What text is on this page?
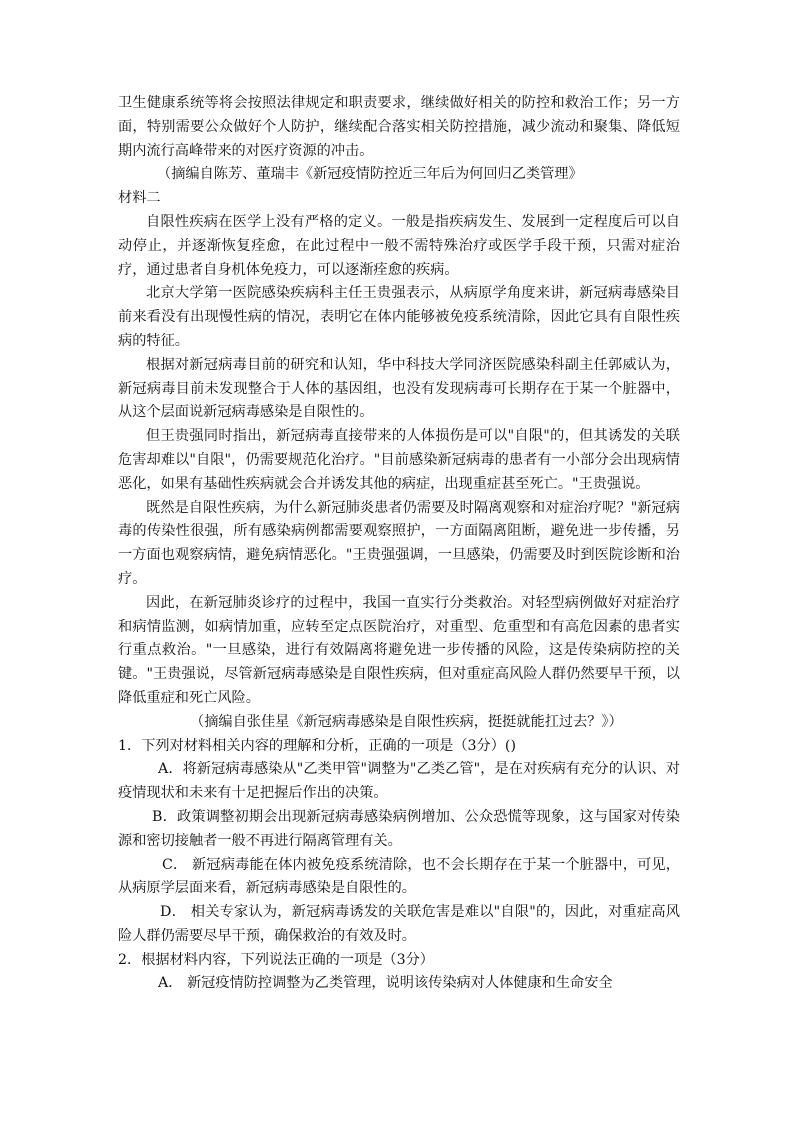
卫生健康系统等将会按照法律规定和职责要求，继续做好相关的防控和救治工作；另一方面，特别需要公众做好个人防护，继续配合落实相关防控措施，减少流动和聚集、降低短期内流行高峰带来的对医疗资源的冲击。

（摘编自陈芳、董瑞丰《新冠疫情防控近三年后为何回归乙类管理》

材料二

自限性疾病在医学上没有严格的定义。一般是指疾病发生、发展到一定程度后可以自动停止，并逐渐恢复痊愈，在此过程中一般不需特殊治疗或医学手段干预，只需对症治疗，通过患者自身机体免疫力，可以逐渐痊愈的疾病。

北京大学第一医院感染疾病科主任王贵强表示，从病原学角度来讲，新冠病毒感染目前来看没有出现慢性病的情况，表明它在体内能够被免疫系统清除，因此它具有自限性疾病的特征。

根据对新冠病毒目前的研究和认知，华中科技大学同济医院感染科副主任郭威认为，新冠病毒目前未发现整合于人体的基因组，也没有发现病毒可长期存在于某一个脏器中，从这个层面说新冠病毒感染是自限性的。

但王贵强同时指出，新冠病毒直接带来的人体损伤是可以"自限"的，但其诱发的关联危害却难以"自限"，仍需要规范化治疗。"目前感染新冠病毒的患者有一小部分会出现病情恶化，如果有基础性疾病就会合并诱发其他的病症，出现重症甚至死亡。"王贵强说。

既然是自限性疾病，为什么新冠肺炎患者仍需要及时隔离观察和对症治疗呢？"新冠病毒的传染性很强，所有感染病例都需要观察照护，一方面隔离阻断，避免进一步传播，另一方面也观察病情，避免病情恶化。"王贵强强调，一旦感染，仍需要及时到医院诊断和治疗。

因此，在新冠肺炎诊疗的过程中，我国一直实行分类救治。对轻型病例做好对症治疗和病情监测，如病情加重，应转至定点医院治疗，对重型、危重型和有高危因素的患者实行重点救治。"一旦感染，进行有效隔离将避免进一步传播的风险，这是传染病防控的关键。"王贵强说，尽管新冠病毒感染是自限性疾病，但对重症高风险人群仍然要早干预，以降低重症和死亡风险。

（摘编自张佳星《新冠病毒感染是自限性疾病，挺挺就能扛过去？》）

1．下列对材料相关内容的理解和分析，正确的一项是（3分）()

A．将新冠病毒感染从"乙类甲管"调整为"乙类乙管"，是在对疾病有充分的认识、对疫情现状和未来有十足把握后作出的决策。

B．政策调整初期会出现新冠病毒感染病例增加、公众恐慌等现象，这与国家对传染源和密切接触者一般不再进行隔离管理有关。

C． 新冠病毒能在体内被免疫系统清除，也不会长期存在于某一个脏器中，可见，从病原学层面来看，新冠病毒感染是自限性的。

D． 相关专家认为，新冠病毒诱发的关联危害是难以"自限"的，因此，对重症高风险人群仍需要尽早干预，确保救治的有效及时。

2．根据材料内容，下列说法正确的一项是（3分）

A． 新冠疫情防控调整为乙类管理，说明该传染病对人体健康和生命安全
